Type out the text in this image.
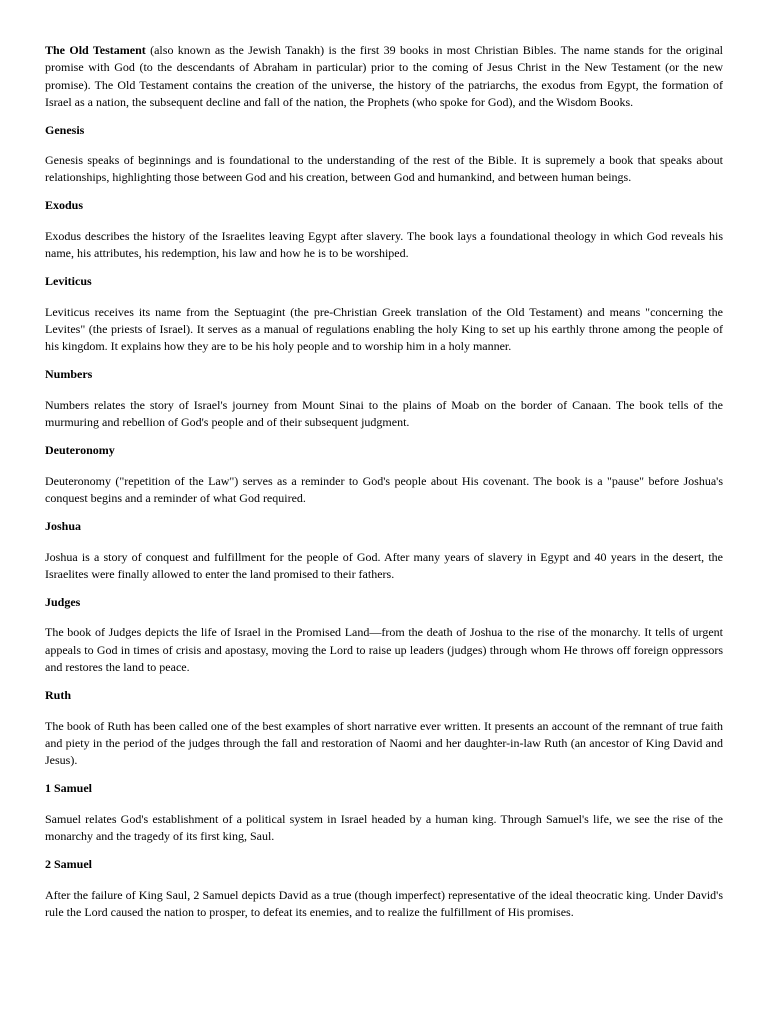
The Old Testament (also known as the Jewish Tanakh) is the first 39 books in most Christian Bibles. The name stands for the original promise with God (to the descendants of Abraham in particular) prior to the coming of Jesus Christ in the New Testament (or the new promise). The Old Testament contains the creation of the universe, the history of the patriarchs, the exodus from Egypt, the formation of Israel as a nation, the subsequent decline and fall of the nation, the Prophets (who spoke for God), and the Wisdom Books.

Genesis

Genesis speaks of beginnings and is foundational to the understanding of the rest of the Bible. It is supremely a book that speaks about relationships, highlighting those between God and his creation, between God and humankind, and between human beings.

Exodus

Exodus describes the history of the Israelites leaving Egypt after slavery. The book lays a foundational theology in which God reveals his name, his attributes, his redemption, his law and how he is to be worshiped.

Leviticus

Leviticus receives its name from the Septuagint (the pre-Christian Greek translation of the Old Testament) and means "concerning the Levites" (the priests of Israel). It serves as a manual of regulations enabling the holy King to set up his earthly throne among the people of his kingdom. It explains how they are to be his holy people and to worship him in a holy manner.

Numbers

Numbers relates the story of Israel's journey from Mount Sinai to the plains of Moab on the border of Canaan. The book tells of the murmuring and rebellion of God's people and of their subsequent judgment.

Deuteronomy

Deuteronomy ("repetition of the Law") serves as a reminder to God's people about His covenant. The book is a "pause" before Joshua's conquest begins and a reminder of what God required.

Joshua

Joshua is a story of conquest and fulfillment for the people of God. After many years of slavery in Egypt and 40 years in the desert, the Israelites were finally allowed to enter the land promised to their fathers.

Judges

The book of Judges depicts the life of Israel in the Promised Land—from the death of Joshua to the rise of the monarchy. It tells of urgent appeals to God in times of crisis and apostasy, moving the Lord to raise up leaders (judges) through whom He throws off foreign oppressors and restores the land to peace.

Ruth

The book of Ruth has been called one of the best examples of short narrative ever written. It presents an account of the remnant of true faith and piety in the period of the judges through the fall and restoration of Naomi and her daughter-in-law Ruth (an ancestor of King David and Jesus).

1 Samuel

Samuel relates God's establishment of a political system in Israel headed by a human king. Through Samuel's life, we see the rise of the monarchy and the tragedy of its first king, Saul.

2 Samuel

After the failure of King Saul, 2 Samuel depicts David as a true (though imperfect) representative of the ideal theocratic king. Under David's rule the Lord caused the nation to prosper, to defeat its enemies, and to realize the fulfillment of His promises.
